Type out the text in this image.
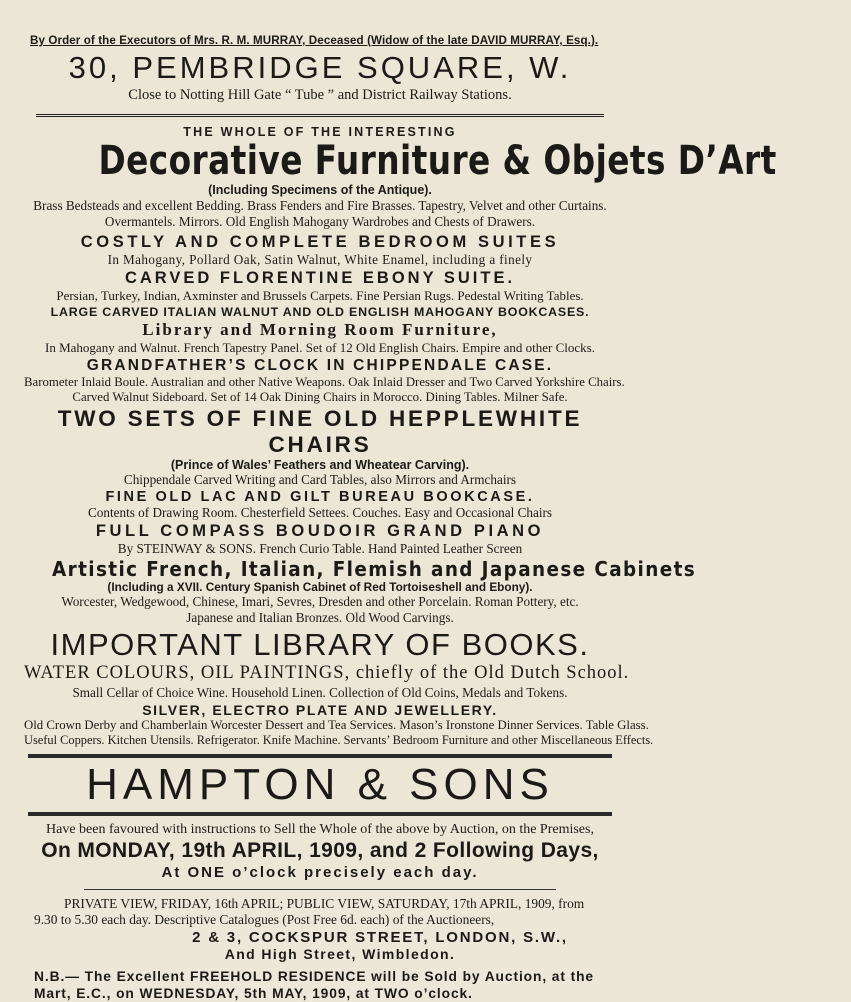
By Order of the Executors of Mrs. R. M. MURRAY, Deceased (Widow of the late DAVID MURRAY, Esq.).
30, PEMBRIDGE SQUARE, W.
Close to Notting Hill Gate “ Tube ” and District Railway Stations.
THE WHOLE OF THE INTERESTING
Decorative Furniture & Objets D’Art
(Including Specimens of the Antique).
Brass Bedsteads and excellent Bedding. Brass Fenders and Fire Brasses. Tapestry, Velvet and other Curtains.
Overmantels. Mirrors. Old English Mahogany Wardrobes and Chests of Drawers.
COSTLY AND COMPLETE BEDROOM SUITES
In Mahogany, Pollard Oak, Satin Walnut, White Enamel, including a finely
CARVED FLORENTINE EBONY SUITE.
Persian, Turkey, Indian, Axminster and Brussels Carpets. Fine Persian Rugs. Pedestal Writing Tables.
LARGE CARVED ITALIAN WALNUT AND OLD ENGLISH MAHOGANY BOOKCASES.
Library and Morning Room Furniture,
In Mahogany and Walnut. French Tapestry Panel. Set of 12 Old English Chairs. Empire and other Clocks.
GRANDFATHER’S CLOCK IN CHIPPENDALE CASE.
Barometer Inlaid Boule. Australian and other Native Weapons. Oak Inlaid Dresser and Two Carved Yorkshire Chairs.
Carved Walnut Sideboard. Set of 14 Oak Dining Chairs in Morocco. Dining Tables. Milner Safe.
TWO SETS OF FINE OLD HEPPLEWHITE CHAIRS
(Prince of Wales’ Feathers and Wheatear Carving).
Chippendale Carved Writing and Card Tables, also Mirrors and Armchairs
FINE OLD LAC AND GILT BUREAU BOOKCASE.
Contents of Drawing Room. Chesterfield Settees. Couches. Easy and Occasional Chairs
FULL COMPASS BOUDOIR GRAND PIANO
By STEINWAY & SONS. French Curio Table. Hand Painted Leather Screen
Artistic French, Italian, Flemish and Japanese Cabinets
(Including a XVII. Century Spanish Cabinet of Red Tortoiseshell and Ebony).
Worcester, Wedgewood, Chinese, Imari, Sevres, Dresden and other Porcelain. Roman Pottery, etc.
Japanese and Italian Bronzes. Old Wood Carvings.
IMPORTANT LIBRARY OF BOOKS.
WATER COLOURS, OIL PAINTINGS, chiefly of the Old Dutch School.
Small Cellar of Choice Wine. Household Linen. Collection of Old Coins, Medals and Tokens.
SILVER, ELECTRO PLATE AND JEWELLERY.
Old Crown Derby and Chamberlain Worcester Dessert and Tea Services. Mason’s Ironstone Dinner Services. Table Glass.
Useful Coppers. Kitchen Utensils. Refrigerator. Knife Machine. Servants’ Bedroom Furniture and other Miscellaneous Effects.
HAMPTON & SONS
Have been favoured with instructions to Sell the Whole of the above by Auction, on the Premises,
On MONDAY, 19th APRIL, 1909, and 2 Following Days,
At ONE o’clock precisely each day.
PRIVATE VIEW, FRIDAY, 16th APRIL; PUBLIC VIEW, SATURDAY, 17th APRIL, 1909, from 9.30 to 5.30 each day. Descriptive Catalogues (Post Free 6d. each) of the Auctioneers,
2 & 3, COCKSPUR STREET, LONDON, S.W.,
And High Street, Wimbledon.
N.B.— The Excellent FREEHOLD RESIDENCE will be Sold by Auction, at the Mart, E.C., on WEDNESDAY, 5th MAY, 1909, at TWO o’clock.
